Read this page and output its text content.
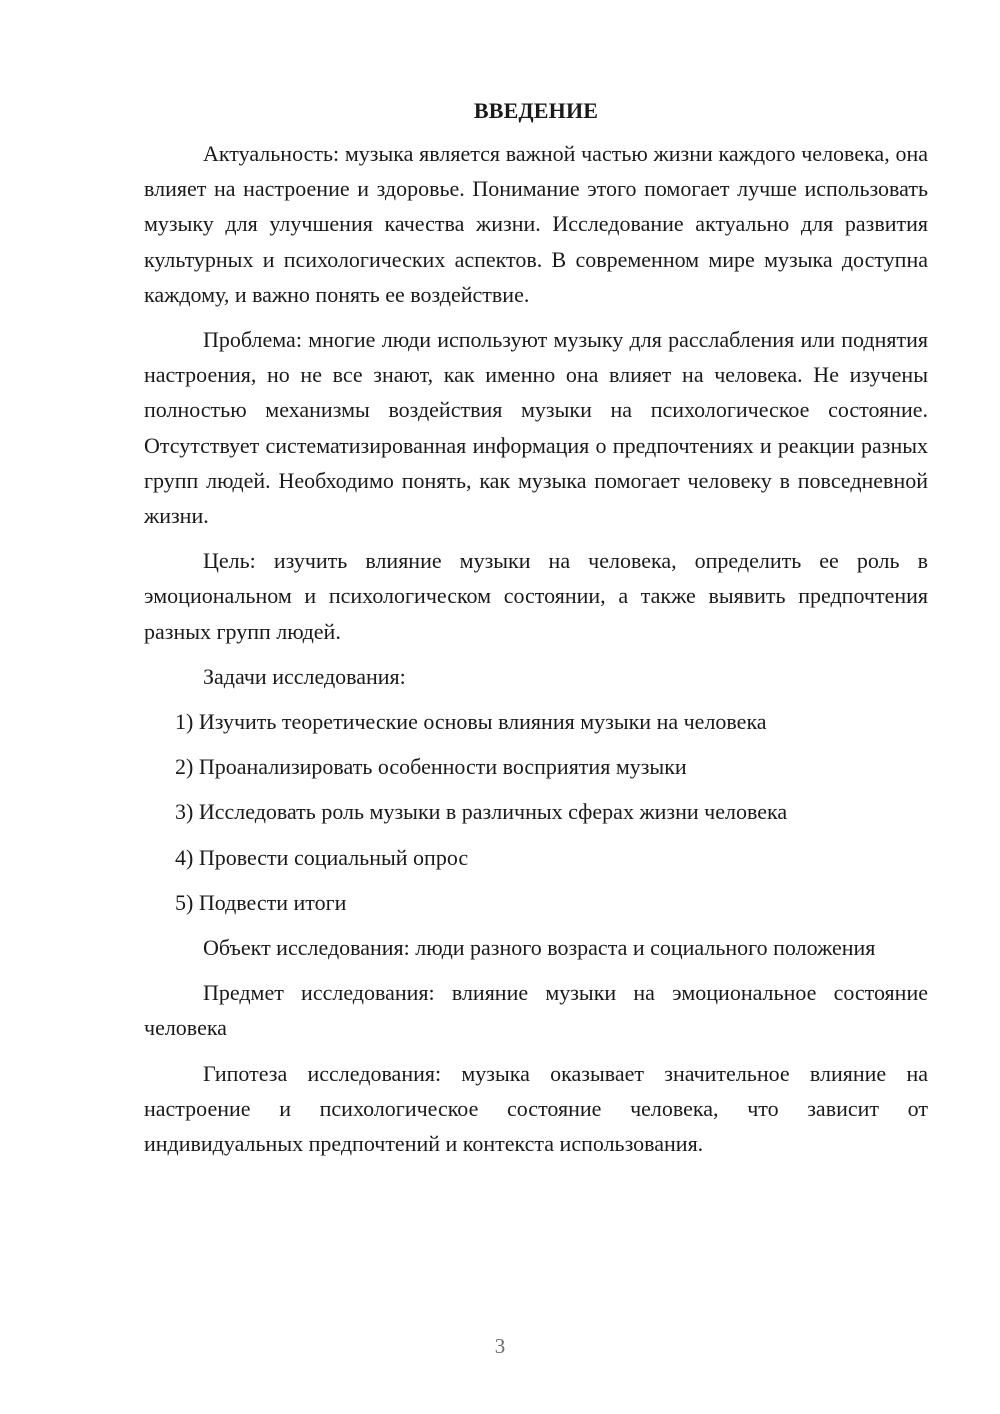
ВВЕДЕНИЕ

Актуальность: музыка является важной частью жизни каждого человека, она влияет на настроение и здоровье. Понимание этого помогает лучше использовать музыку для улучшения качества жизни. Исследование актуально для развития культурных и психологических аспектов. В современном мире музыка доступна каждому, и важно понять ее воздействие.

Проблема: многие люди используют музыку для расслабления или поднятия настроения, но не все знают, как именно она влияет на человека. Не изучены полностью механизмы воздействия музыки на психологическое состояние. Отсутствует систематизированная информация о предпочтениях и реакции разных групп людей. Необходимо понять, как музыка помогает человеку в повседневной жизни.

Цель: изучить влияние музыки на человека, определить ее роль в эмоциональном и психологическом состоянии, а также выявить предпочтения разных групп людей.

Задачи исследования:

1) Изучить теоретические основы влияния музыки на человека
2) Проанализировать особенности восприятия музыки
3) Исследовать роль музыки в различных сферах жизни человека
4) Провести социальный опрос
5) Подвести итоги

Объект исследования: люди разного возраста и социального положения

Предмет исследования: влияние музыки на эмоциональное состояние человека

Гипотеза исследования: музыка оказывает значительное влияние на настроение и психологическое состояние человека, что зависит от индивидуальных предпочтений и контекста использования.

3
